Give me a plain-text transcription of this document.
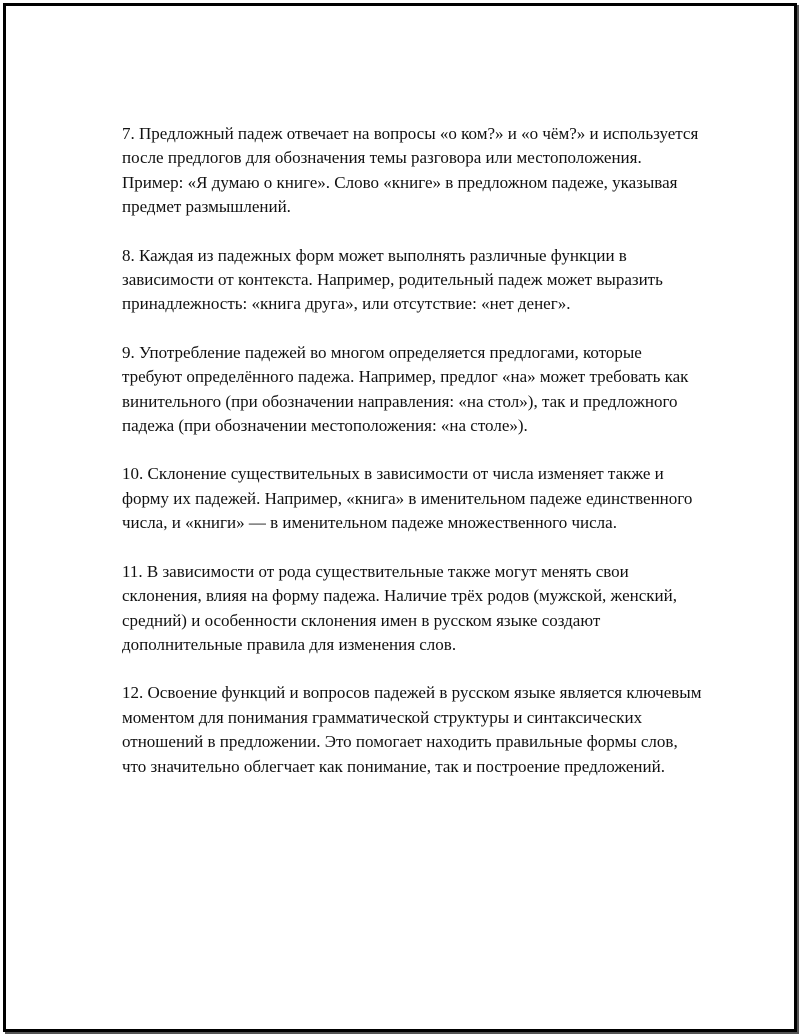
7. Предложный падеж отвечает на вопросы «о ком?» и «о чём?» и используется после предлогов для обозначения темы разговора или местоположения. Пример: «Я думаю о книге». Слово «книге» в предложном падеже, указывая предмет размышлений.

8. Каждая из падежных форм может выполнять различные функции в зависимости от контекста. Например, родительный падеж может выразить принадлежность: «книга друга», или отсутствие: «нет денег».

9. Употребление падежей во многом определяется предлогами, которые требуют определённого падежа. Например, предлог «на» может требовать как винительного (при обозначении направления: «на стол»), так и предложного падежа (при обозначении местоположения: «на столе»).

10. Склонение существительных в зависимости от числа изменяет также и форму их падежей. Например, «книга» в именительном падеже единственного числа, и «книги» — в именительном падеже множественного числа.

11. В зависимости от рода существительные также могут менять свои склонения, влияя на форму падежа. Наличие трёх родов (мужской, женский, средний) и особенности склонения имен в русском языке создают дополнительные правила для изменения слов.

12. Освоение функций и вопросов падежей в русском языке является ключевым моментом для понимания грамматической структуры и синтаксических отношений в предложении. Это помогает находить правильные формы слов, что значительно облегчает как понимание, так и построение предложений.
